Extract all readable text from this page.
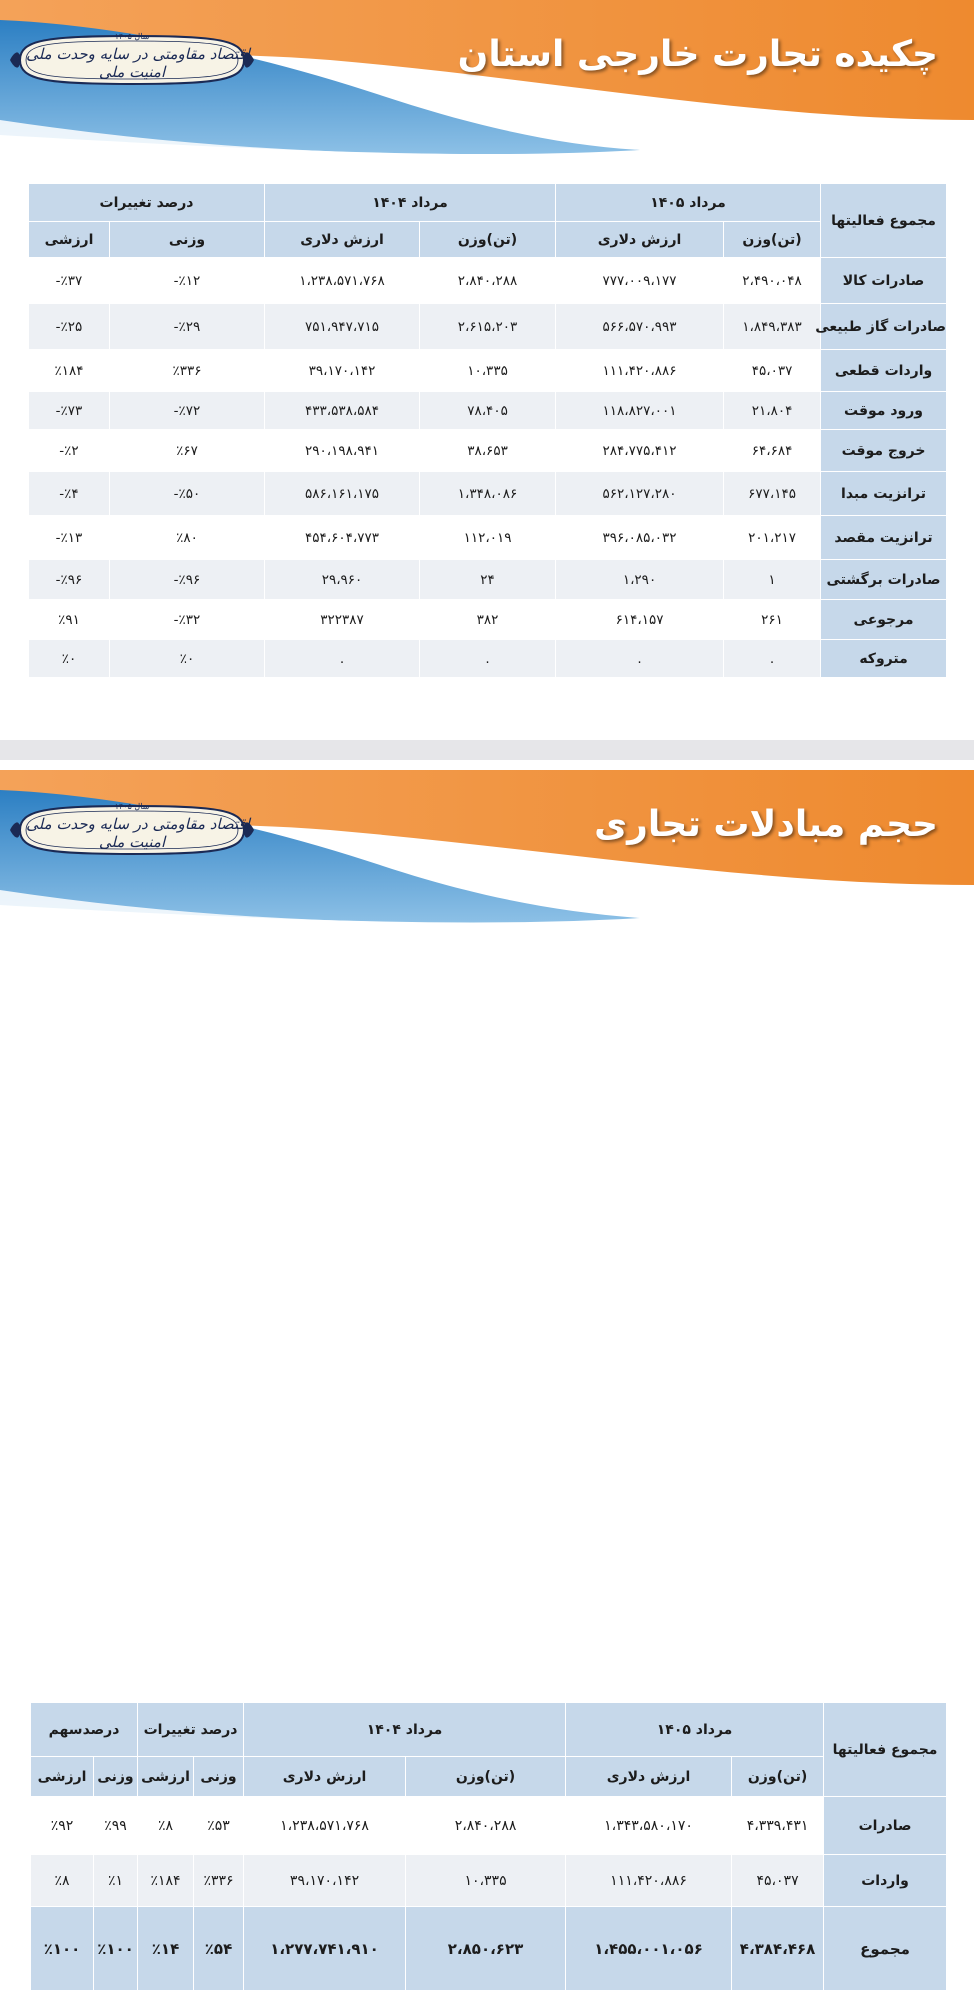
چکیده تجارت خارجی استان
سال ۱۴۰۵
اقتصاد مقاومتی در سایه وحدت ملی و امنیت ملی
مجموع فعالیتها	مرداد ۱۴۰۵		مرداد ۱۴۰۴		درصد تغییرات	
	(تن)وزن	ارزش دلاری	(تن)وزن	ارزش دلاری	وزنی	ارزشی
صادرات کالا	۲،۴۹۰،۰۴۸	۷۷۷،۰۰۹،۱۷۷	۲،۸۴۰،۲۸۸	۱،۲۳۸،۵۷۱،۷۶۸	٪۱۲-	٪۳۷-
صادرات گاز طبیعی	۱،۸۴۹،۳۸۳	۵۶۶،۵۷۰،۹۹۳	۲،۶۱۵،۲۰۳	۷۵۱،۹۴۷،۷۱۵	٪۲۹-	٪۲۵-
واردات قطعی	۴۵،۰۳۷	۱۱۱،۴۲۰،۸۸۶	۱۰،۳۳۵	۳۹،۱۷۰،۱۴۲	٪۳۳۶	٪۱۸۴
ورود موقت	۲۱،۸۰۴	۱۱۸،۸۲۷،۰۰۱	۷۸،۴۰۵	۴۳۳،۵۳۸،۵۸۴	٪۷۲-	٪۷۳-
خروج موقت	۶۴،۶۸۴	۲۸۴،۷۷۵،۴۱۲	۳۸،۶۵۳	۲۹۰،۱۹۸،۹۴۱	٪۶۷	٪۲-
ترانزیت مبدا	۶۷۷،۱۴۵	۵۶۲،۱۲۷،۲۸۰	۱،۳۴۸،۰۸۶	۵۸۶،۱۶۱،۱۷۵	٪۵۰-	٪۴-
ترانزیت مقصد	۲۰۱،۲۱۷	۳۹۶،۰۸۵،۰۳۲	۱۱۲،۰۱۹	۴۵۴،۶۰۴،۷۷۳	٪۸۰	٪۱۳-
صادرات برگشتی	۱	۱،۲۹۰	۲۴	۲۹،۹۶۰	٪۹۶-	٪۹۶-
مرجوعی	۲۶۱	۶۱۴،۱۵۷	۳۸۲	۳۲۲۳۸۷	٪۳۲-	٪۹۱
متروکه	.	.	.	.	٪۰	٪۰
حجم مبادلات تجاری
سال ۱۴۰۵
اقتصاد مقاومتی در سایه وحدت ملی و امنیت ملی
مجموع فعالیتها	مرداد ۱۴۰۵		مرداد ۱۴۰۴		درصد تغییرات		درصدسهم	
	(تن)وزن	ارزش دلاری	(تن)وزن	ارزش دلاری	وزنی	ارزشی	وزنی	ارزشی
صادرات	۴،۳۳۹،۴۳۱	۱،۳۴۳،۵۸۰،۱۷۰	۲،۸۴۰،۲۸۸	۱،۲۳۸،۵۷۱،۷۶۸	٪۵۳	٪۸	٪۹۹	٪۹۲
واردات	۴۵،۰۳۷	۱۱۱،۴۲۰،۸۸۶	۱۰،۳۳۵	۳۹،۱۷۰،۱۴۲	٪۳۳۶	٪۱۸۴	٪۱	٪۸
مجموع	۴،۳۸۴،۴۶۸	۱،۴۵۵،۰۰۱،۰۵۶	۲،۸۵۰،۶۲۳	۱،۲۷۷،۷۴۱،۹۱۰	٪۵۴	٪۱۴	٪۱۰۰	٪۱۰۰
